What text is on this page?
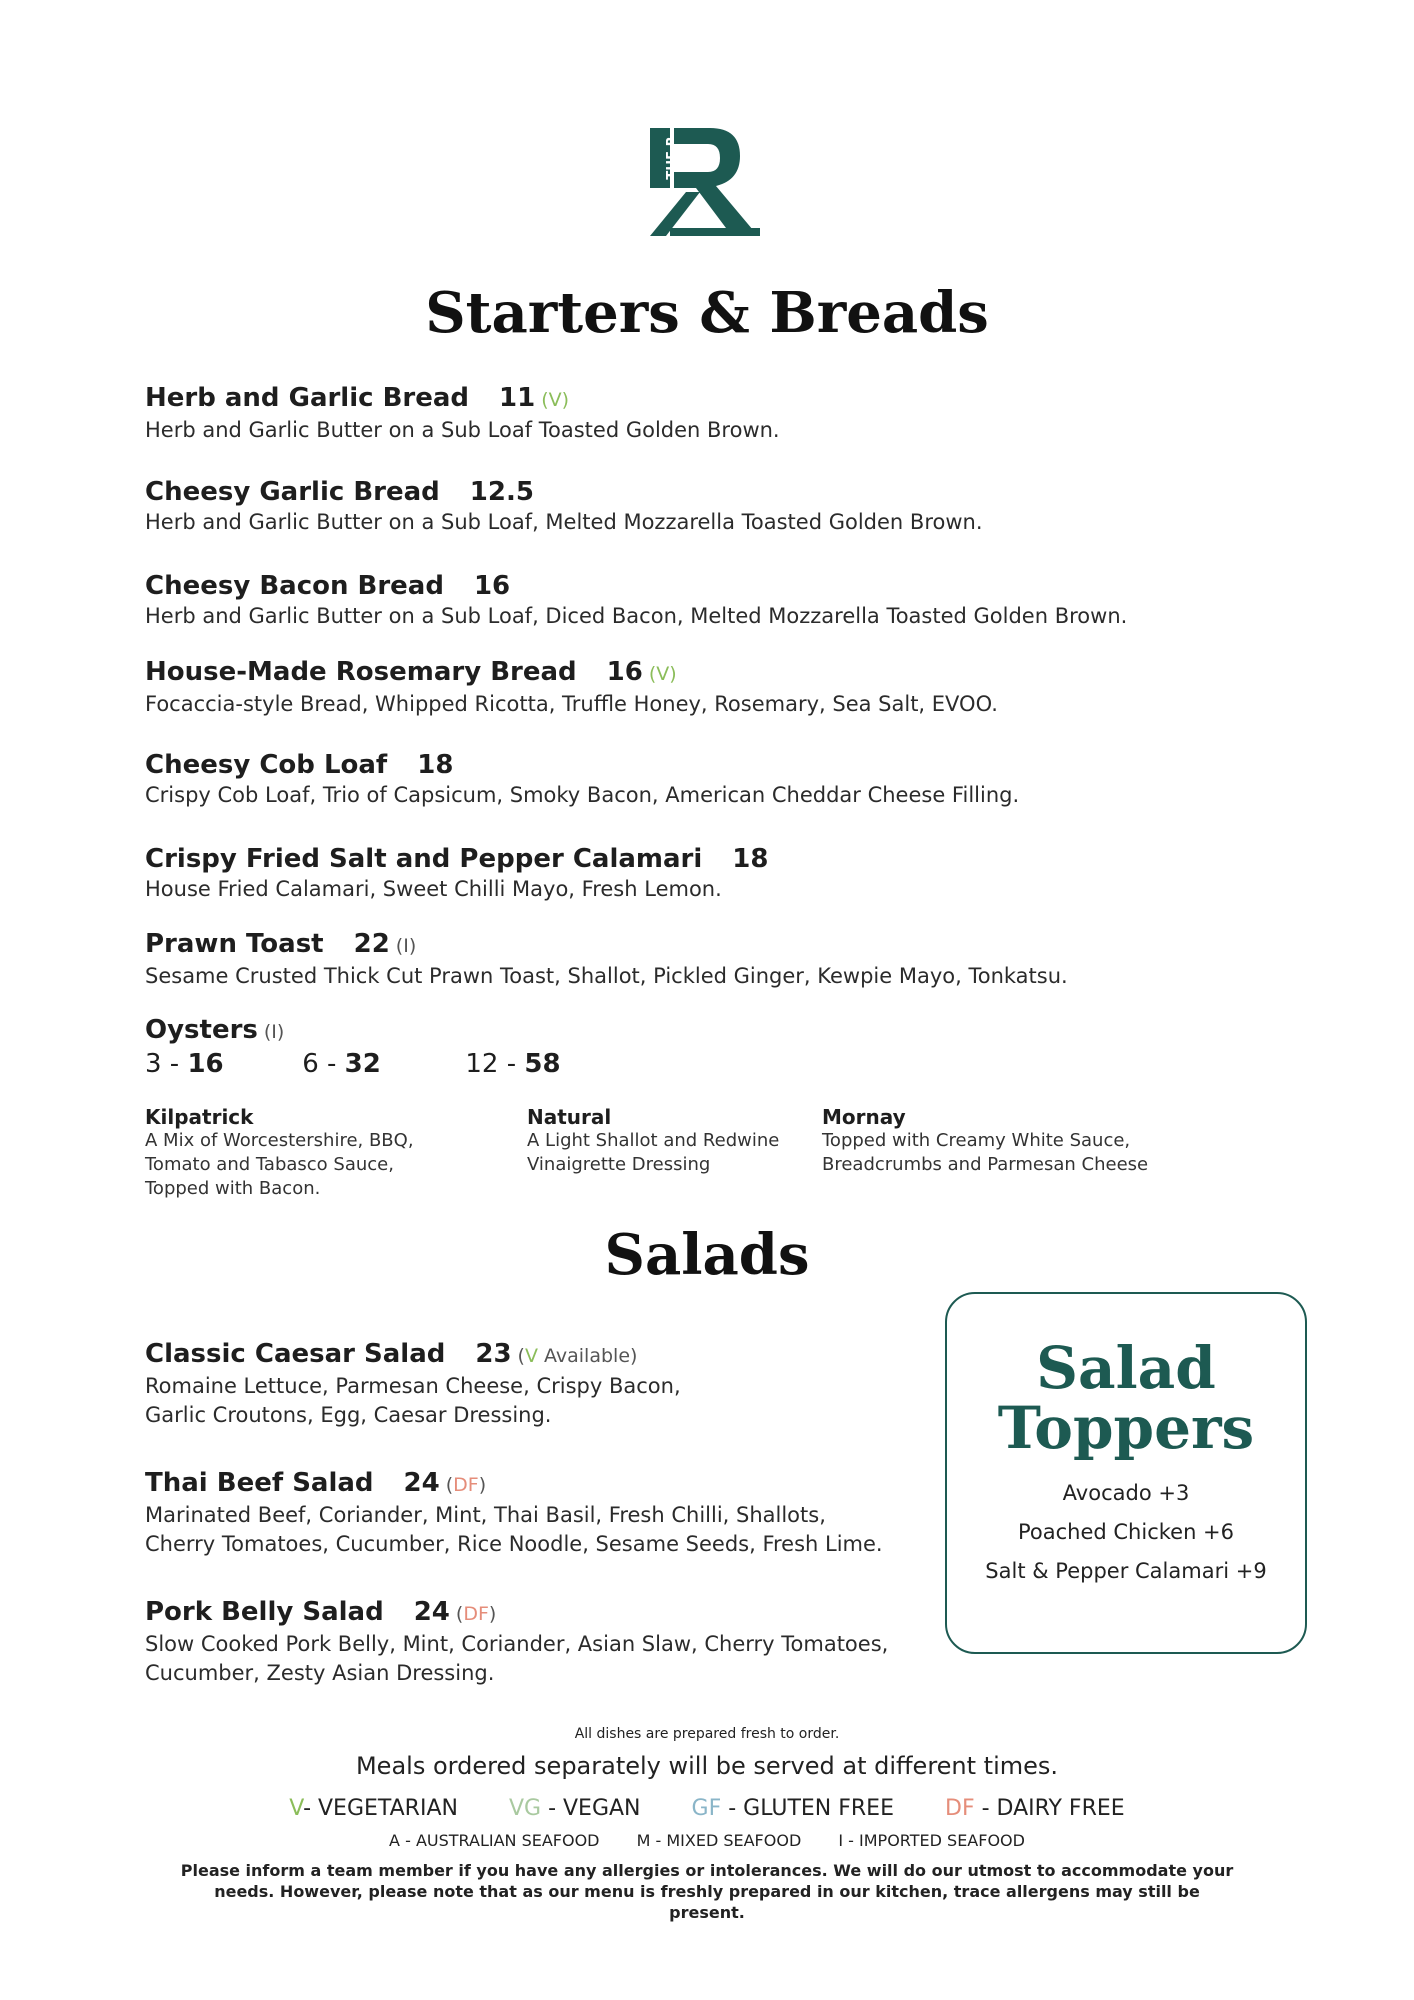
THE R
Starters & Breads
Herb and Garlic Bread 11 (V)
Herb and Garlic Butter on a Sub Loaf Toasted Golden Brown.
Cheesy Garlic Bread 12.5
Herb and Garlic Butter on a Sub Loaf, Melted Mozzarella Toasted Golden Brown.
Cheesy Bacon Bread 16
Herb and Garlic Butter on a Sub Loaf, Diced Bacon, Melted Mozzarella Toasted Golden Brown.
House-Made Rosemary Bread 16 (V)
Focaccia-style Bread, Whipped Ricotta, Truffle Honey, Rosemary, Sea Salt, EVOO.
Cheesy Cob Loaf 18
Crispy Cob Loaf, Trio of Capsicum, Smoky Bacon, American Cheddar Cheese Filling.
Crispy Fried Salt and Pepper Calamari 18
House Fried Calamari, Sweet Chilli Mayo, Fresh Lemon.
Prawn Toast 22 (I)
Sesame Crusted Thick Cut Prawn Toast, Shallot, Pickled Ginger, Kewpie Mayo, Tonkatsu.
Oysters (I)
3 - 16	6 - 32	12 - 58
Kilpatrick
A Mix of Worcestershire, BBQ,
Tomato and Tabasco Sauce,
Topped with Bacon.
Natural
A Light Shallot and Redwine
Vinaigrette Dressing
Mornay
Topped with Creamy White Sauce,
Breadcrumbs and Parmesan Cheese
Salads
Classic Caesar Salad 23 (V Available)
Romaine Lettuce, Parmesan Cheese, Crispy Bacon,
Garlic Croutons, Egg, Caesar Dressing.
Thai Beef Salad 24 (DF)
Marinated Beef, Coriander, Mint, Thai Basil, Fresh Chilli, Shallots,
Cherry Tomatoes, Cucumber, Rice Noodle, Sesame Seeds, Fresh Lime.
Pork Belly Salad 24 (DF)
Slow Cooked Pork Belly, Mint, Coriander, Asian Slaw, Cherry Tomatoes,
Cucumber, Zesty Asian Dressing.
Salad
Toppers
Avocado +3
Poached Chicken +6
Salt & Pepper Calamari +9
All dishes are prepared fresh to order.
Meals ordered separately will be served at different times.
V- VEGETARIAN VG - VEGAN GF - GLUTEN FREE DF - DAIRY FREE
A - AUSTRALIAN SEAFOOD M - MIXED SEAFOOD I - IMPORTED SEAFOOD
Please inform a team member if you have any allergies or intolerances. We will do our utmost to accommodate your
needs. However, please note that as our menu is freshly prepared in our kitchen, trace allergens may still be present.
